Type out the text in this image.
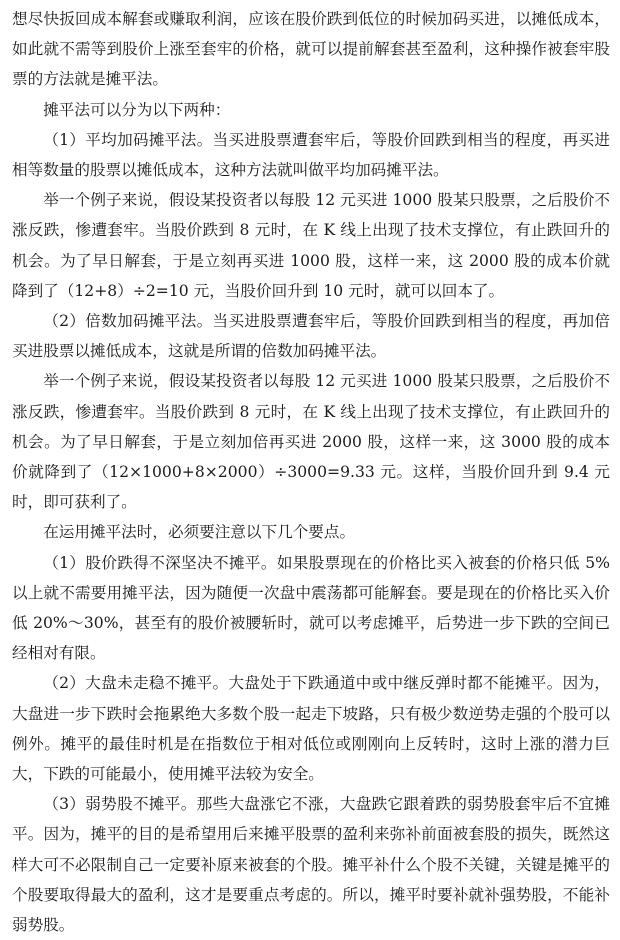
想尽快扳回成本解套或赚取利润，应该在股价跌到低位的时候加码买进，以摊低成本，如此就不需等到股价上涨至套牢的价格，就可以提前解套甚至盈利，这种操作被套牢股票的方法就是摊平法。

摊平法可以分为以下两种：

（1）平均加码摊平法。当买进股票遭套牢后，等股价回跌到相当的程度，再买进相等数量的股票以摊低成本，这种方法就叫做平均加码摊平法。

举一个例子来说，假设某投资者以每股 12 元买进 1000 股某只股票，之后股价不涨反跌，惨遭套牢。当股价跌到 8 元时，在 K 线上出现了技术支撑位，有止跌回升的机会。为了早日解套，于是立刻再买进 1000 股，这样一来，这 2000 股的成本价就降到了（12+8）÷2=10 元，当股价回升到 10 元时，就可以回本了。

（2）倍数加码摊平法。当买进股票遭套牢后，等股价回跌到相当的程度，再加倍买进股票以摊低成本，这就是所谓的倍数加码摊平法。

举一个例子来说，假设某投资者以每股 12 元买进 1000 股某只股票，之后股价不涨反跌，惨遭套牢。当股价跌到 8 元时，在 K 线上出现了技术支撑位，有止跌回升的机会。为了早日解套，于是立刻加倍再买进 2000 股，这样一来，这 3000 股的成本价就降到了（12×1000+8×2000）÷3000=9.33 元。这样，当股价回升到 9.4 元时，即可获利了。

在运用摊平法时，必须要注意以下几个要点。

（1）股价跌得不深坚决不摊平。如果股票现在的价格比买入被套的价格只低 5%以上就不需要用摊平法，因为随便一次盘中震荡都可能解套。要是现在的价格比买入价低 20%～30%，甚至有的股价被腰斩时，就可以考虑摊平，后势进一步下跌的空间已经相对有限。

（2）大盘未走稳不摊平。大盘处于下跌通道中或中继反弹时都不能摊平。因为，大盘进一步下跌时会拖累绝大多数个股一起走下坡路，只有极少数逆势走强的个股可以例外。摊平的最佳时机是在指数位于相对低位或刚刚向上反转时，这时上涨的潜力巨大，下跌的可能最小，使用摊平法较为安全。

（3）弱势股不摊平。那些大盘涨它不涨，大盘跌它跟着跌的弱势股套牢后不宜摊平。因为，摊平的目的是希望用后来摊平股票的盈利来弥补前面被套股的损失，既然这样大可不必限制自己一定要补原来被套的个股。摊平补什么个股不关键，关键是摊平的个股要取得最大的盈利，这才是要重点考虑的。所以，摊平时要补就补强势股，不能补弱势股。
